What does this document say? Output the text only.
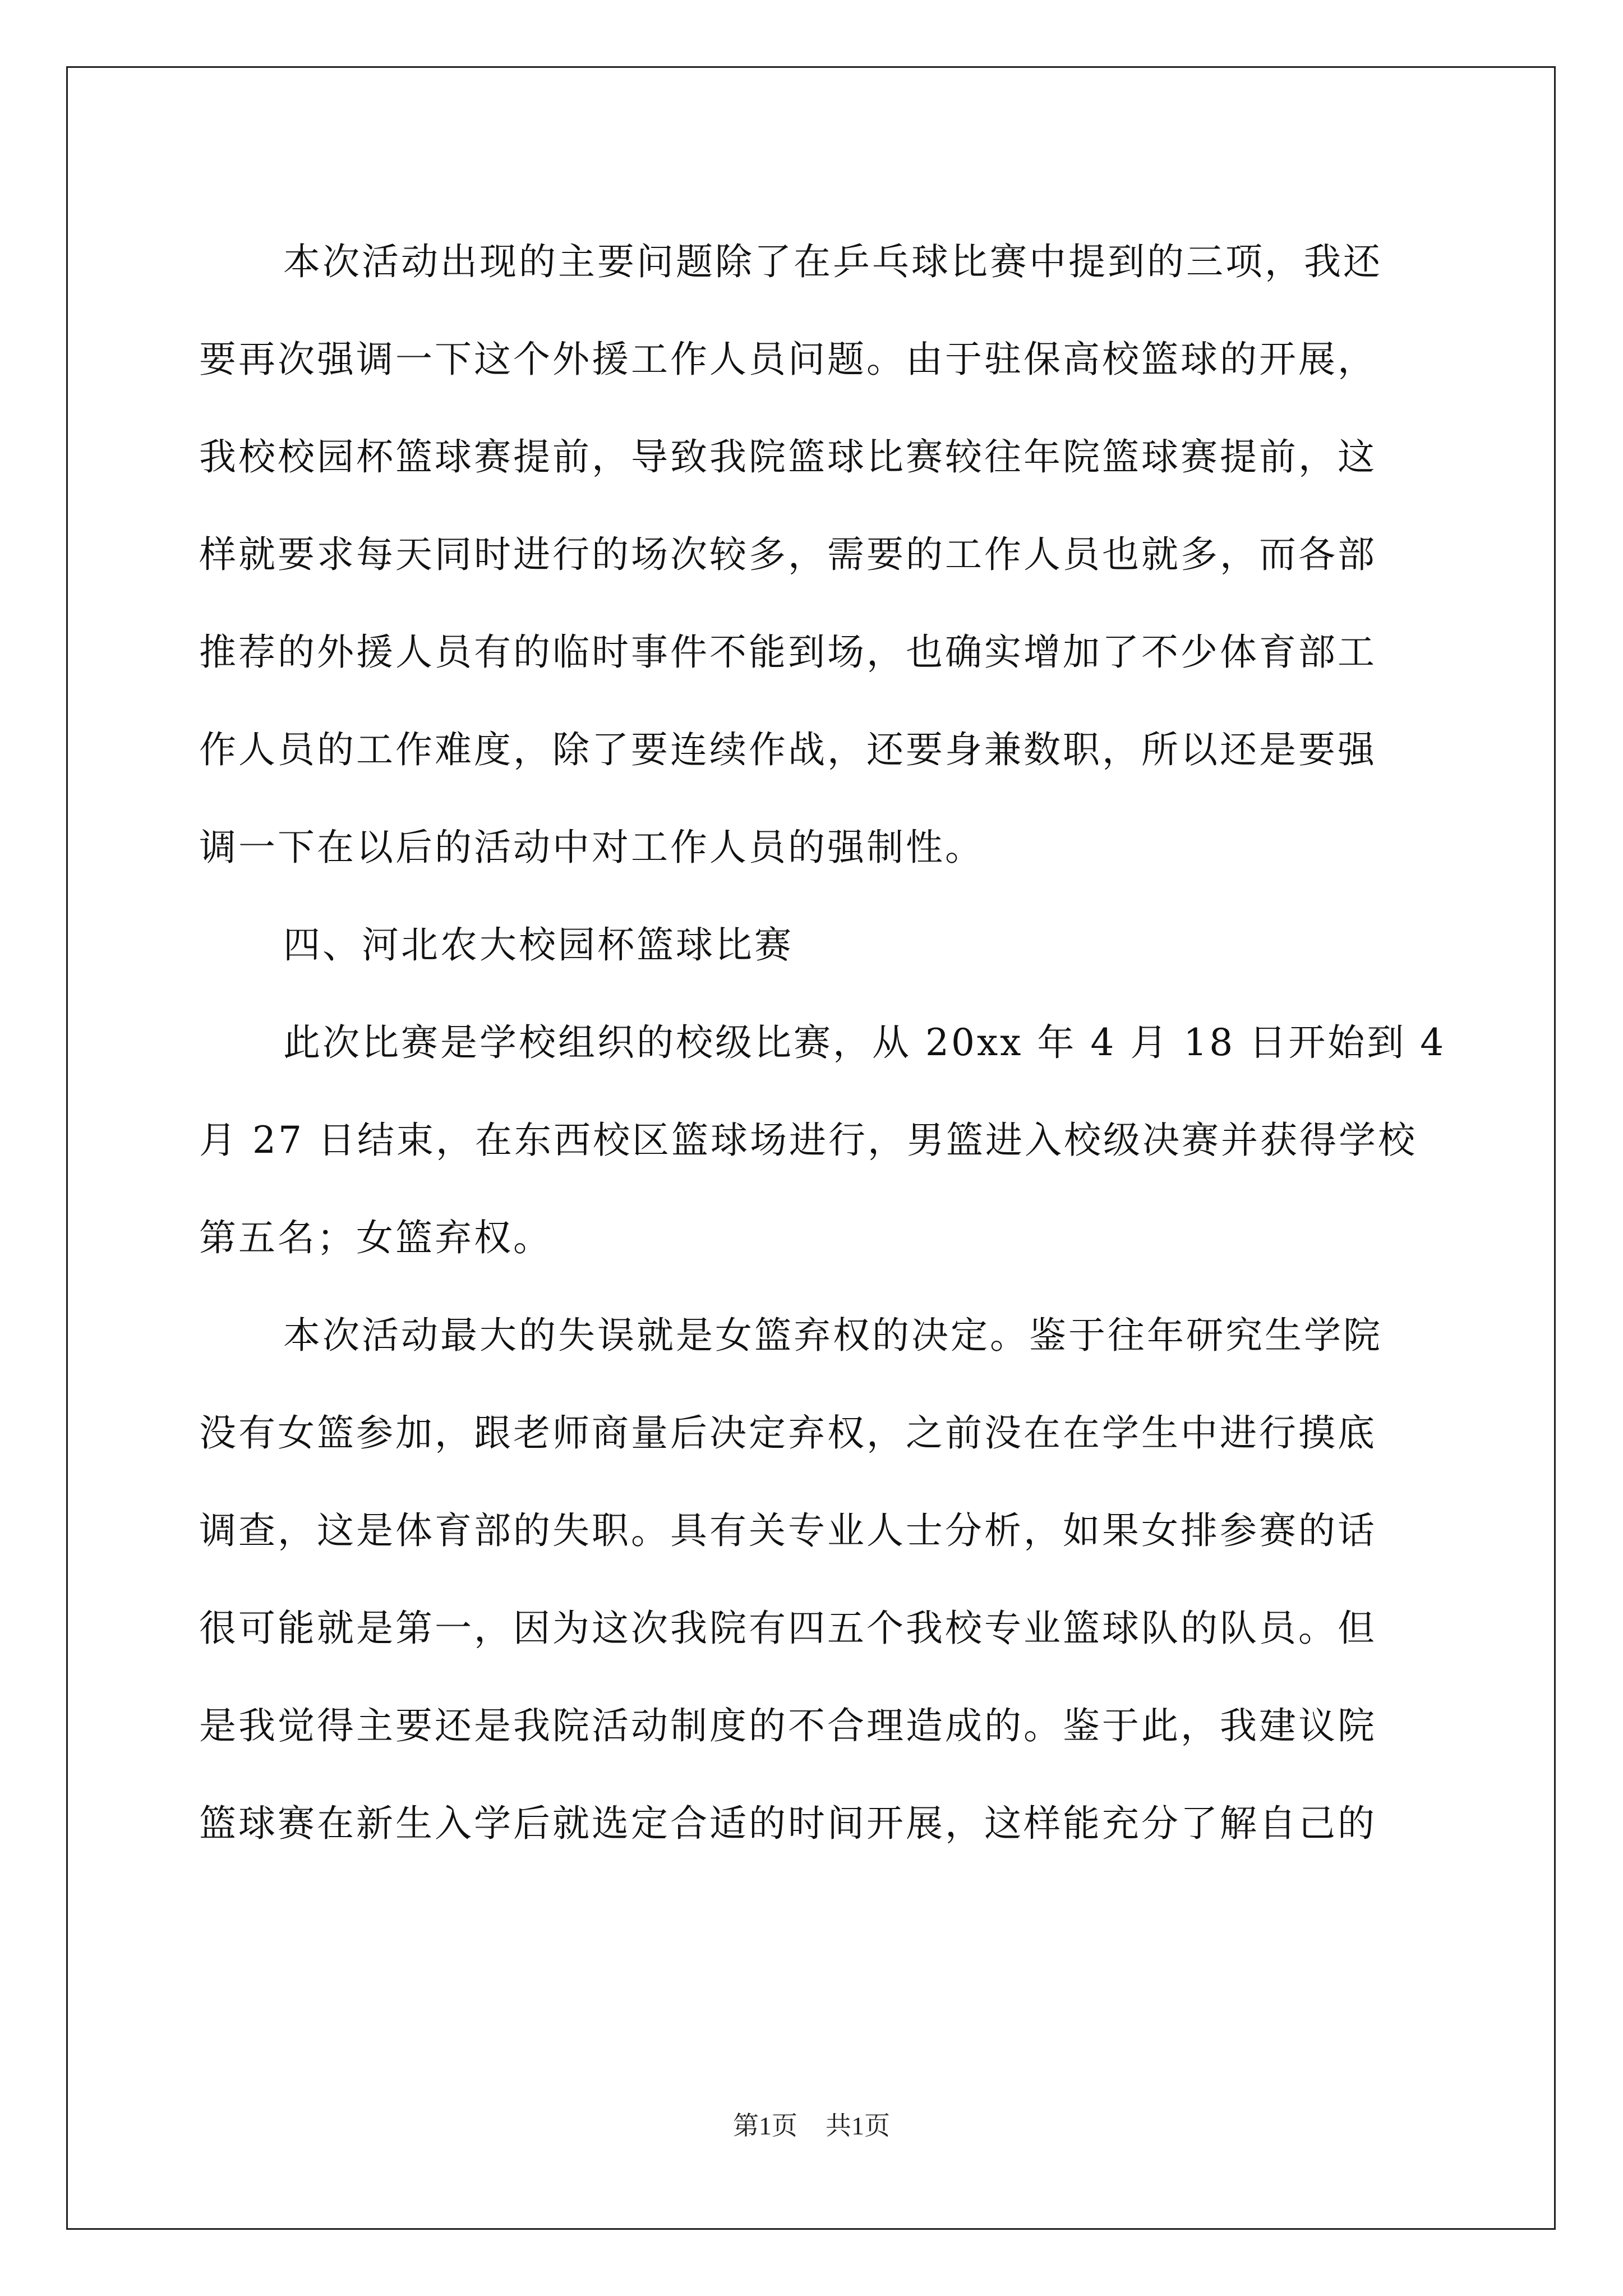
本次活动出现的主要问题除了在乒乓球比赛中提到的三项，我还
要再次强调一下这个外援工作人员问题。由于驻保高校篮球的开展，
我校校园杯篮球赛提前，导致我院篮球比赛较往年院篮球赛提前，这
样就要求每天同时进行的场次较多，需要的工作人员也就多，而各部
推荐的外援人员有的临时事件不能到场，也确实增加了不少体育部工
作人员的工作难度，除了要连续作战，还要身兼数职，所以还是要强
调一下在以后的活动中对工作人员的强制性。
四、河北农大校园杯篮球比赛
此次比赛是学校组织的校级比赛，从 20xx 年 4 月 18 日开始到 4
月 27 日结束，在东西校区篮球场进行，男篮进入校级决赛并获得学校
第五名；女篮弃权。
本次活动最大的失误就是女篮弃权的决定。鉴于往年研究生学院
没有女篮参加，跟老师商量后决定弃权，之前没在在学生中进行摸底
调查，这是体育部的失职。具有关专业人士分析，如果女排参赛的话
很可能就是第一，因为这次我院有四五个我校专业篮球队的队员。但
是我觉得主要还是我院活动制度的不合理造成的。鉴于此，我建议院
篮球赛在新生入学后就选定合适的时间开展，这样能充分了解自己的
第1页 共1页
